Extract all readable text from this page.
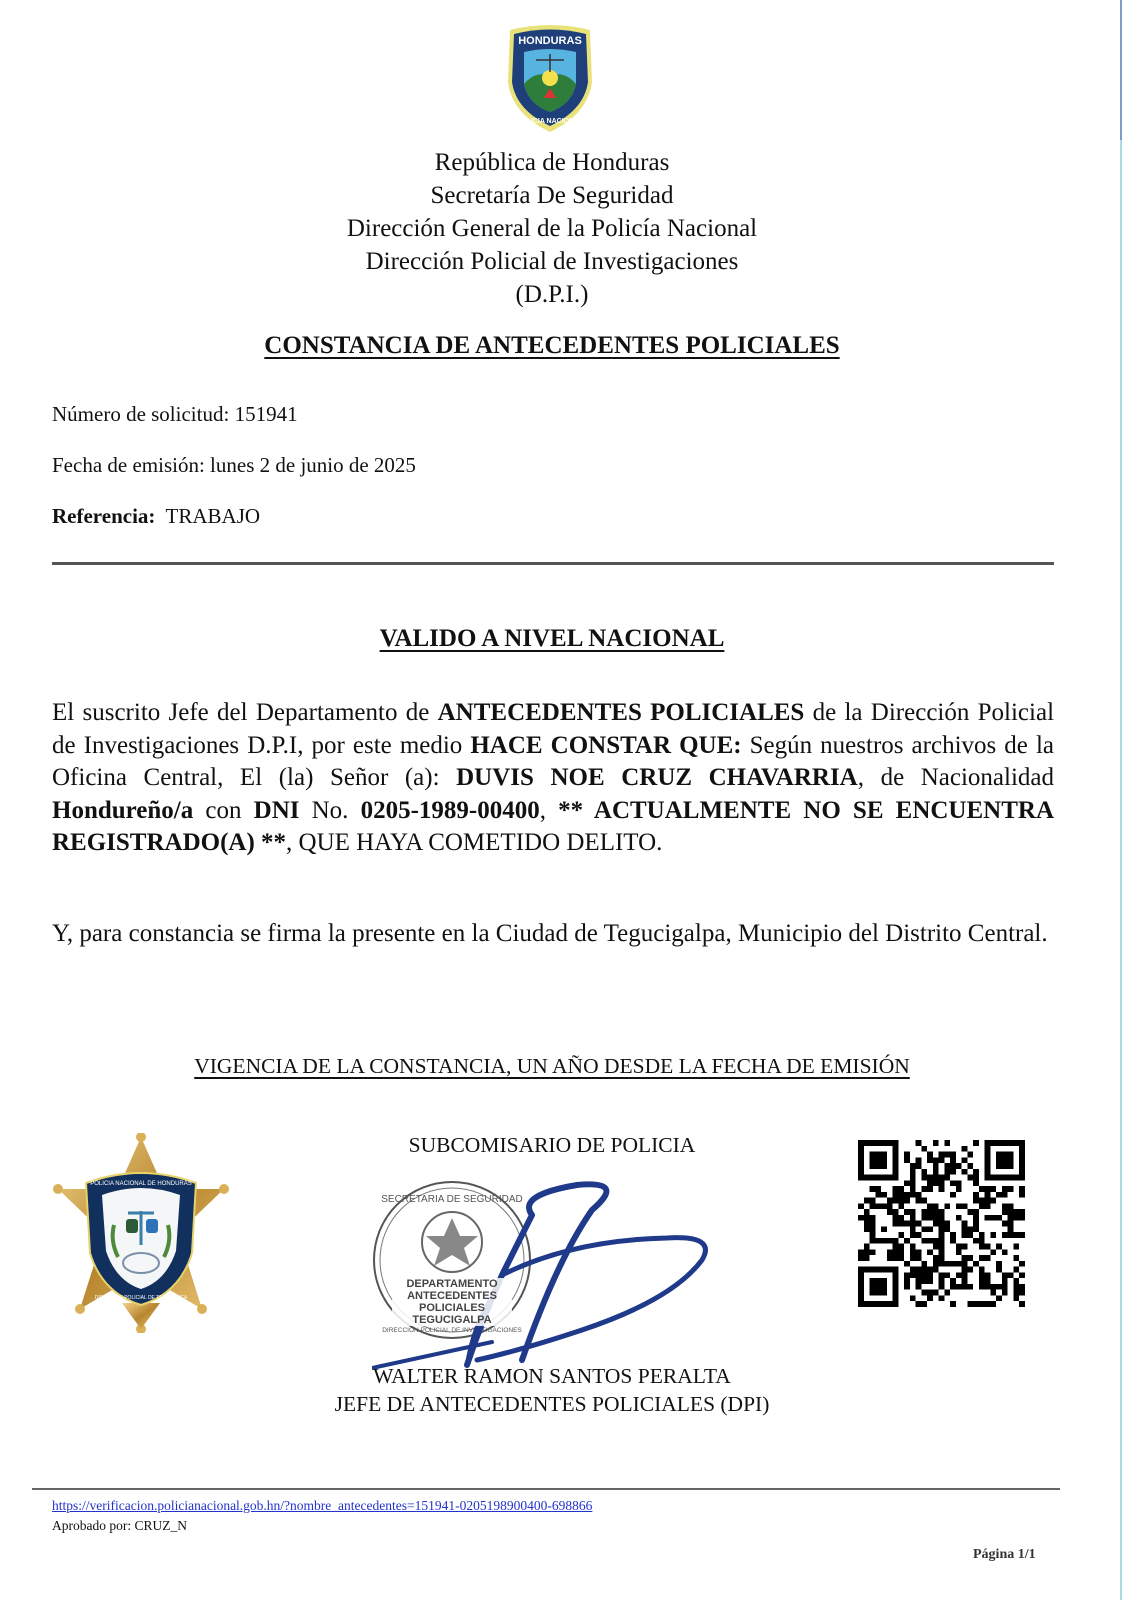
HONDURAS
POLICIA NACIONAL
República de Honduras
Secretaría De Seguridad
Dirección General de la Policía Nacional
Dirección Policial de Investigaciones
(D.P.I.)
CONSTANCIA DE ANTECEDENTES POLICIALES
Número de solicitud: 151941
Fecha de emisión: lunes 2 de junio de 2025
Referencia: TRABAJO
VALIDO A NIVEL NACIONAL
El suscrito Jefe del Departamento de ANTECEDENTES POLICIALES de la Dirección Policial de Investigaciones D.P.I, por este medio HACE CONSTAR QUE: Según nuestros archivos de la Oficina Central, El (la) Señor (a): DUVIS NOE CRUZ CHAVARRIA, de Nacionalidad Hondureño/a con DNI No. 0205-1989-00400, ** ACTUALMENTE NO SE ENCUENTRA REGISTRADO(A) **, QUE HAYA COMETIDO DELITO.
Y, para constancia se firma la presente en la Ciudad de Tegucigalpa, Municipio del Distrito Central.
VIGENCIA DE LA CONSTANCIA, UN AÑO DESDE LA FECHA DE EMISIÓN
SUBCOMISARIO DE POLICIA
POLICIA NACIONAL DE HONDURAS
DIRECCION POLICIAL DE TELEMATICA
SECRETARIA DE SEGURIDAD
DIRECCION POLICIAL DE INVESTIGACIONES
DEPARTAMENTO ANTECEDENTES POLICIALES TEGUCIGALPA
WALTER RAMON SANTOS PERALTA
JEFE DE ANTECEDENTES POLICIALES (DPI)
https://verificacion.policianacional.gob.hn/?nombre_antecedentes=151941-0205198900400-698866
Aprobado por: CRUZ_N
Página 1/1
